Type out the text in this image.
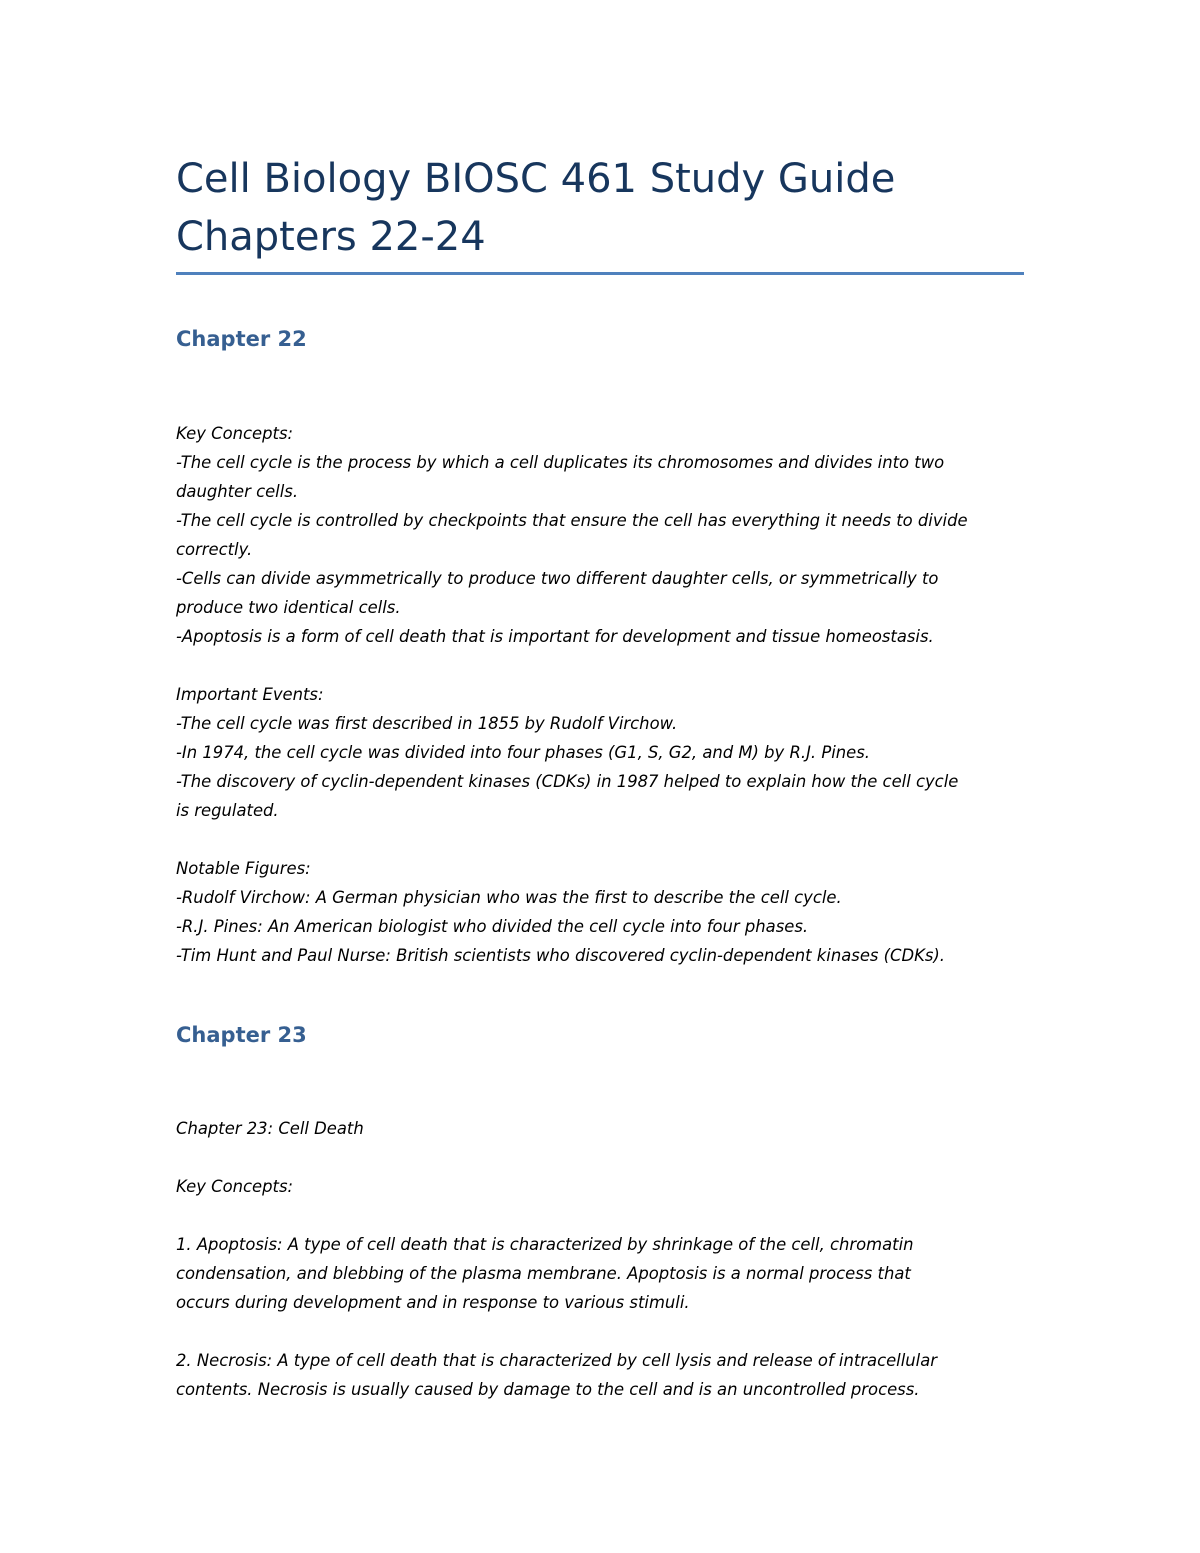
Cell Biology BIOSC 461 Study Guide
Chapters 22-24
Chapter 22
Key Concepts:
-The cell cycle is the process by which a cell duplicates its chromosomes and divides into two
daughter cells.
-The cell cycle is controlled by checkpoints that ensure the cell has everything it needs to divide
correctly.
-Cells can divide asymmetrically to produce two different daughter cells, or symmetrically to
produce two identical cells.
-Apoptosis is a form of cell death that is important for development and tissue homeostasis.
Important Events:
-The cell cycle was first described in 1855 by Rudolf Virchow.
-In 1974, the cell cycle was divided into four phases (G1, S, G2, and M) by R.J. Pines.
-The discovery of cyclin-dependent kinases (CDKs) in 1987 helped to explain how the cell cycle
is regulated.
Notable Figures:
-Rudolf Virchow: A German physician who was the first to describe the cell cycle.
-R.J. Pines: An American biologist who divided the cell cycle into four phases.
-Tim Hunt and Paul Nurse: British scientists who discovered cyclin-dependent kinases (CDKs).
Chapter 23
Chapter 23: Cell Death
Key Concepts:
1. Apoptosis: A type of cell death that is characterized by shrinkage of the cell, chromatin
condensation, and blebbing of the plasma membrane. Apoptosis is a normal process that
occurs during development and in response to various stimuli.
2. Necrosis: A type of cell death that is characterized by cell lysis and release of intracellular
contents. Necrosis is usually caused by damage to the cell and is an uncontrolled process.
